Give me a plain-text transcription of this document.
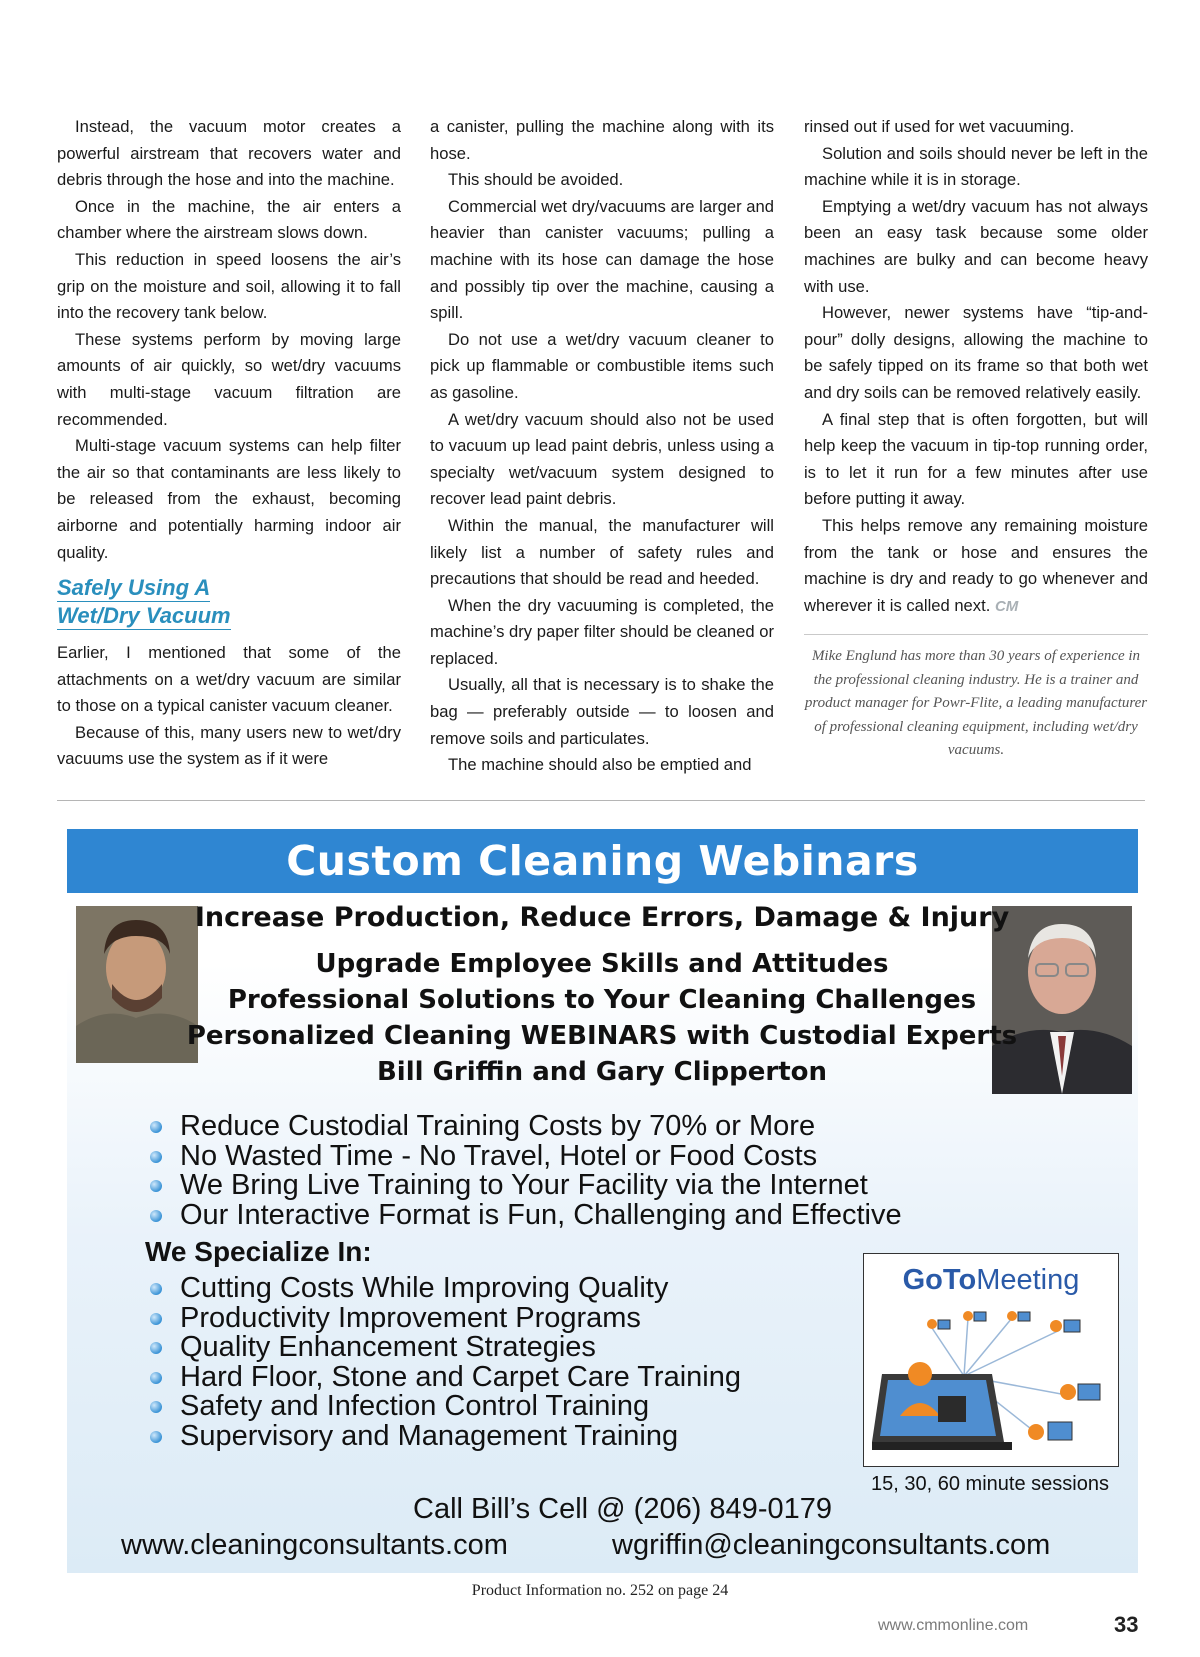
Instead, the vacuum motor creates a powerful airstream that recovers water and debris through the hose and into the machine.

Once in the machine, the air enters a chamber where the airstream slows down.

This reduction in speed loosens the air’s grip on the moisture and soil, allowing it to fall into the recovery tank below.

These systems perform by moving large amounts of air quickly, so wet/dry vacuums with multi-stage vacuum filtration are recommended.

Multi-stage vacuum systems can help filter the air so that contaminants are less likely to be released from the exhaust, becoming airborne and potentially harming indoor air quality.

Safely Using A
Wet/Dry Vacuum

Earlier, I mentioned that some of the attachments on a wet/dry vacuum are similar to those on a typical canister vacuum cleaner.

Because of this, many users new to wet/dry vacuums use the system as if it were

a canister, pulling the machine along with its hose.

This should be avoided.

Commercial wet dry/vacuums are larger and heavier than canister vacuums; pulling a machine with its hose can damage the hose and possibly tip over the machine, causing a spill.

Do not use a wet/dry vacuum cleaner to pick up flammable or combustible items such as gasoline.

A wet/dry vacuum should also not be used to vacuum up lead paint debris, unless using a specialty wet/vacuum system designed to recover lead paint debris.

Within the manual, the manufacturer will likely list a number of safety rules and precautions that should be read and heeded.

When the dry vacuuming is completed, the machine’s dry paper filter should be cleaned or replaced.

Usually, all that is necessary is to shake the bag — preferably outside — to loosen and remove soils and particulates.

The machine should also be emptied and

rinsed out if used for wet vacuuming.

Solution and soils should never be left in the machine while it is in storage.

Emptying a wet/dry vacuum has not always been an easy task because some older machines are bulky and can become heavy with use.

However, newer systems have “tip-and-pour” dolly designs, allowing the machine to be safely tipped on its frame so that both wet and dry soils can be removed relatively easily.

A final step that is often forgotten, but will help keep the vacuum in tip-top running order, is to let it run for a few minutes after use before putting it away.

This helps remove any remaining moisture from the tank or hose and ensures the machine is dry and ready to go whenever and wherever it is called next. CM

Mike Englund has more than 30 years of experience in the professional cleaning industry. He is a trainer and product manager for Powr-Flite, a leading manufacturer of professional cleaning equipment, including wet/dry vacuums.

Custom Cleaning Webinars
Increase Production, Reduce Errors, Damage & Injury
Upgrade Employee Skills and Attitudes
Professional Solutions to Your Cleaning Challenges
Personalized Cleaning WEBINARS with Custodial Experts
Bill Griffin and Gary Clipperton
Reduce Custodial Training Costs by 70% or More
No Wasted Time - No Travel, Hotel or Food Costs
We Bring Live Training to Your Facility via the Internet
Our Interactive Format is Fun, Challenging and Effective
We Specialize In:
Cutting Costs While Improving Quality
Productivity Improvement Programs
Quality Enhancement Strategies
Hard Floor, Stone and Carpet Care Training
Safety and Infection Control Training
Supervisory and Management Training
GoToMeeting
15, 30, 60 minute sessions
Call Bill’s Cell @ (206) 849-0179
www.cleaningconsultants.com	wgriffin@cleaningconsultants.com
Product Information no. 252 on page 24
www.cmmonline.com	33
